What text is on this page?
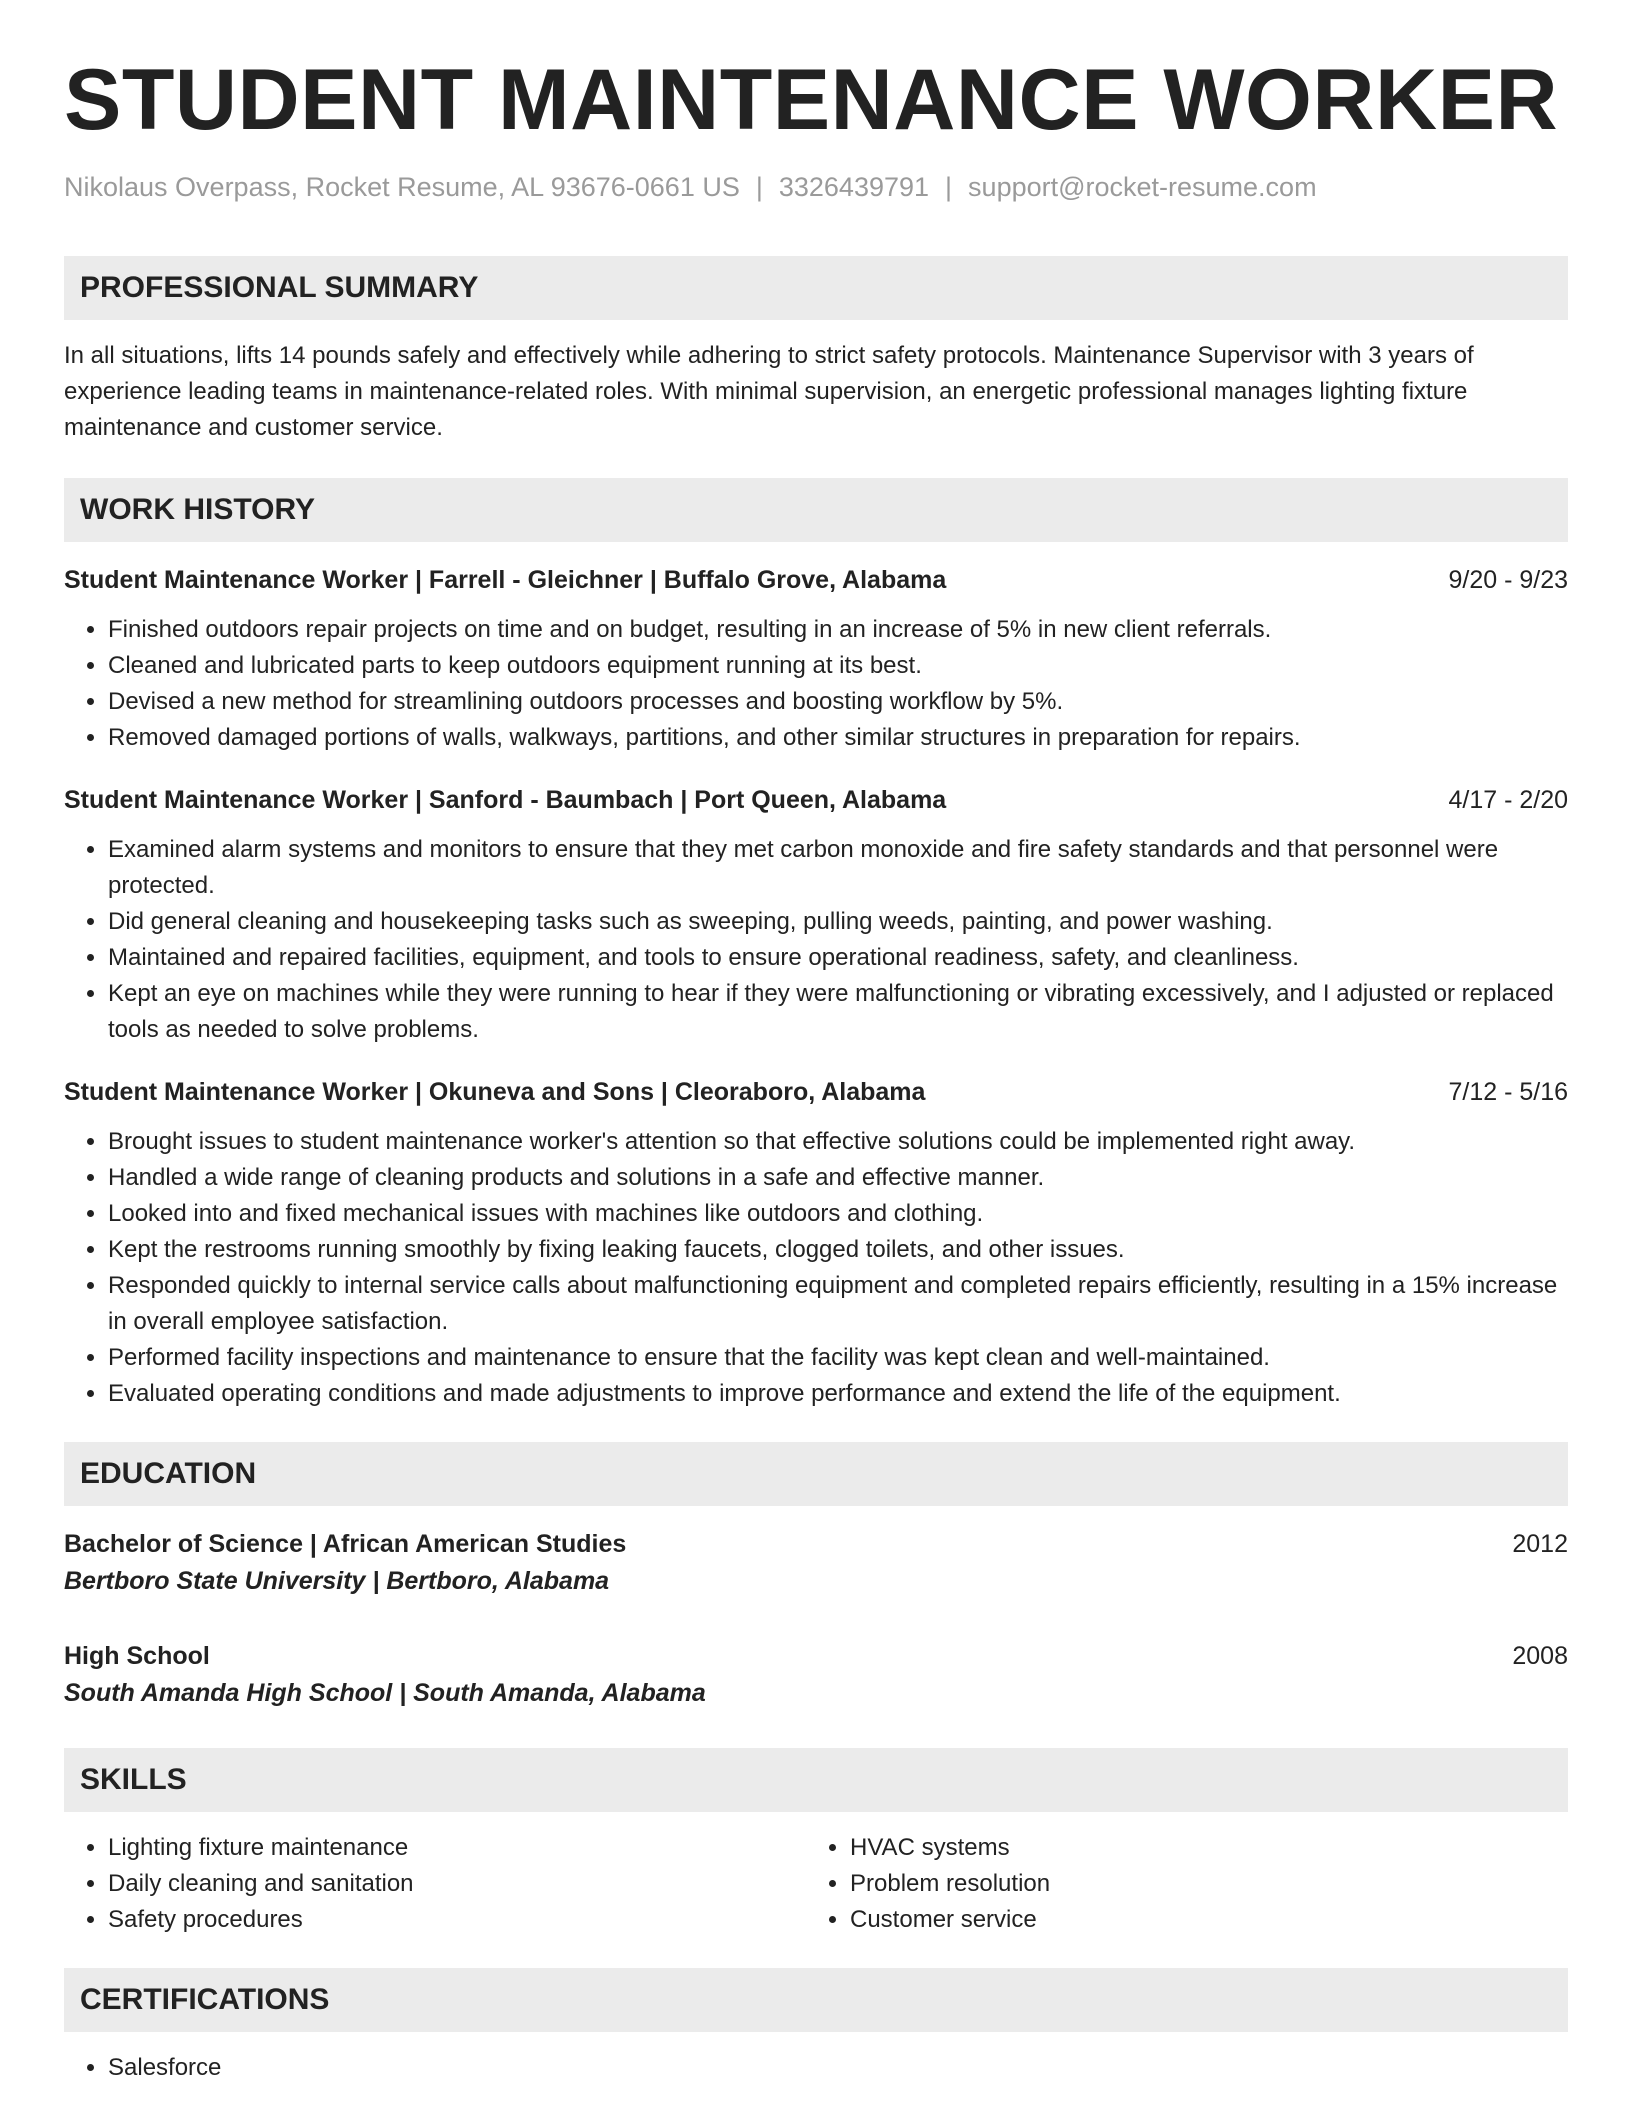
STUDENT MAINTENANCE WORKER
Nikolaus Overpass, Rocket Resume, AL 93676-0661 US | 3326439791 | support@rocket-resume.com
PROFESSIONAL SUMMARY
In all situations, lifts 14 pounds safely and effectively while adhering to strict safety protocols. Maintenance Supervisor with 3 years of experience leading teams in maintenance-related roles. With minimal supervision, an energetic professional manages lighting fixture maintenance and customer service.
WORK HISTORY
Student Maintenance Worker | Farrell - Gleichner | Buffalo Grove, Alabama	9/20 - 9/23
• Finished outdoors repair projects on time and on budget, resulting in an increase of 5% in new client referrals.
• Cleaned and lubricated parts to keep outdoors equipment running at its best.
• Devised a new method for streamlining outdoors processes and boosting workflow by 5%.
• Removed damaged portions of walls, walkways, partitions, and other similar structures in preparation for repairs.
Student Maintenance Worker | Sanford - Baumbach | Port Queen, Alabama	4/17 - 2/20
• Examined alarm systems and monitors to ensure that they met carbon monoxide and fire safety standards and that personnel were protected.
• Did general cleaning and housekeeping tasks such as sweeping, pulling weeds, painting, and power washing.
• Maintained and repaired facilities, equipment, and tools to ensure operational readiness, safety, and cleanliness.
• Kept an eye on machines while they were running to hear if they were malfunctioning or vibrating excessively, and I adjusted or replaced tools as needed to solve problems.
Student Maintenance Worker | Okuneva and Sons | Cleoraboro, Alabama	7/12 - 5/16
• Brought issues to student maintenance worker's attention so that effective solutions could be implemented right away.
• Handled a wide range of cleaning products and solutions in a safe and effective manner.
• Looked into and fixed mechanical issues with machines like outdoors and clothing.
• Kept the restrooms running smoothly by fixing leaking faucets, clogged toilets, and other issues.
• Responded quickly to internal service calls about malfunctioning equipment and completed repairs efficiently, resulting in a 15% increase in overall employee satisfaction.
• Performed facility inspections and maintenance to ensure that the facility was kept clean and well-maintained.
• Evaluated operating conditions and made adjustments to improve performance and extend the life of the equipment.
EDUCATION
Bachelor of Science | African American Studies	2012
Bertboro State University | Bertboro, Alabama
High School	2008
South Amanda High School | South Amanda, Alabama
SKILLS
• Lighting fixture maintenance
• Daily cleaning and sanitation
• Safety procedures
• HVAC systems
• Problem resolution
• Customer service
CERTIFICATIONS
• Salesforce
